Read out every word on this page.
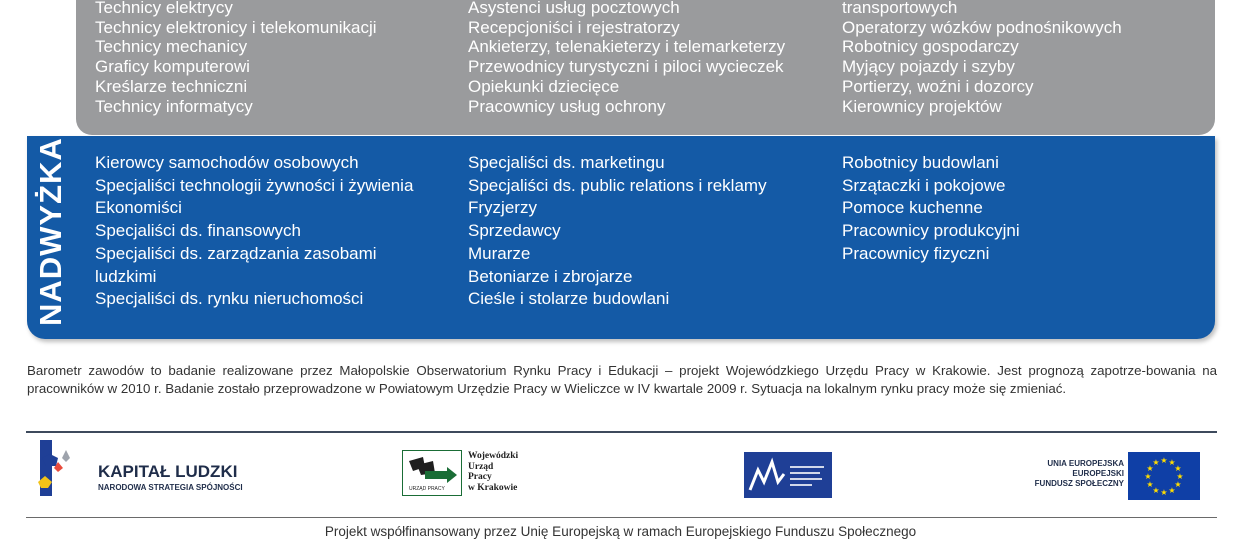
NADWYŻKA
Technicy elektrycy
Technicy elektronicy i telekomunikacji
Technicy mechanicy
Graficy komputerowi
Kreślarze techniczni
Technicy informatycy
Asystenci usług pocztowych
Recepcjoniści i rejestratorzy
Ankieterzy, telenakieterzy i telemarketerzy
Przewodnicy turystyczni i piloci wycieczek
Opiekunki dziecięce
Pracownicy usług ochrony
transportowych
Operatorzy wózków podnośnikowych
Robotnicy gospodarczy
Myjący pojazdy i szyby
Portierzy, woźni i dozorcy
Kierownicy projektów
Kierowcy samochodów osobowych
Specjaliści technologii żywności i żywienia
Ekonomiści
Specjaliści ds. finansowych
Specjaliści ds. zarządzania zasobami ludzkimi
Specjaliści ds. rynku nieruchomości
Specjaliści ds. marketingu
Specjaliści ds. public relations i reklamy
Fryzjerzy
Sprzedawcy
Murarze
Betoniarze i zbrojarze
Cieśle i stolarze budowlani
Robotnicy budowlani
Srzątaczki i pokojowe
Pomoce kuchenne
Pracownicy produkcyjni
Pracownicy fizyczni
Barometr zawodów to badanie realizowane przez Małopolskie Obserwatorium Rynku Pracy i Edukacji – projekt Wojewódzkiego Urzędu Pracy w Krakowie. Jest prognozą zapotrze-bowania na pracowników w 2010 r. Badanie zostało przeprowadzone w Powiatowym Urzędzie Pracy w Wieliczce w IV kwartale 2009 r. Sytuacja na lokalnym rynku pracy może się zmieniać.
KAPITAŁ LUDZKI
NARODOWA STRATEGIA SPÓJNOŚCI	URZĄD PRACY
Wojewódzki
Urząd
Pracy
w Krakowie
UNIA EUROPEJSKA
EUROPEJSKI
FUNDUSZ SPOŁECZNY
★ ★
★
★
★
★
★
★
★
★
★
★
Projekt współfinansowany przez Unię Europejską w ramach Europejskiego Funduszu Społecznego
